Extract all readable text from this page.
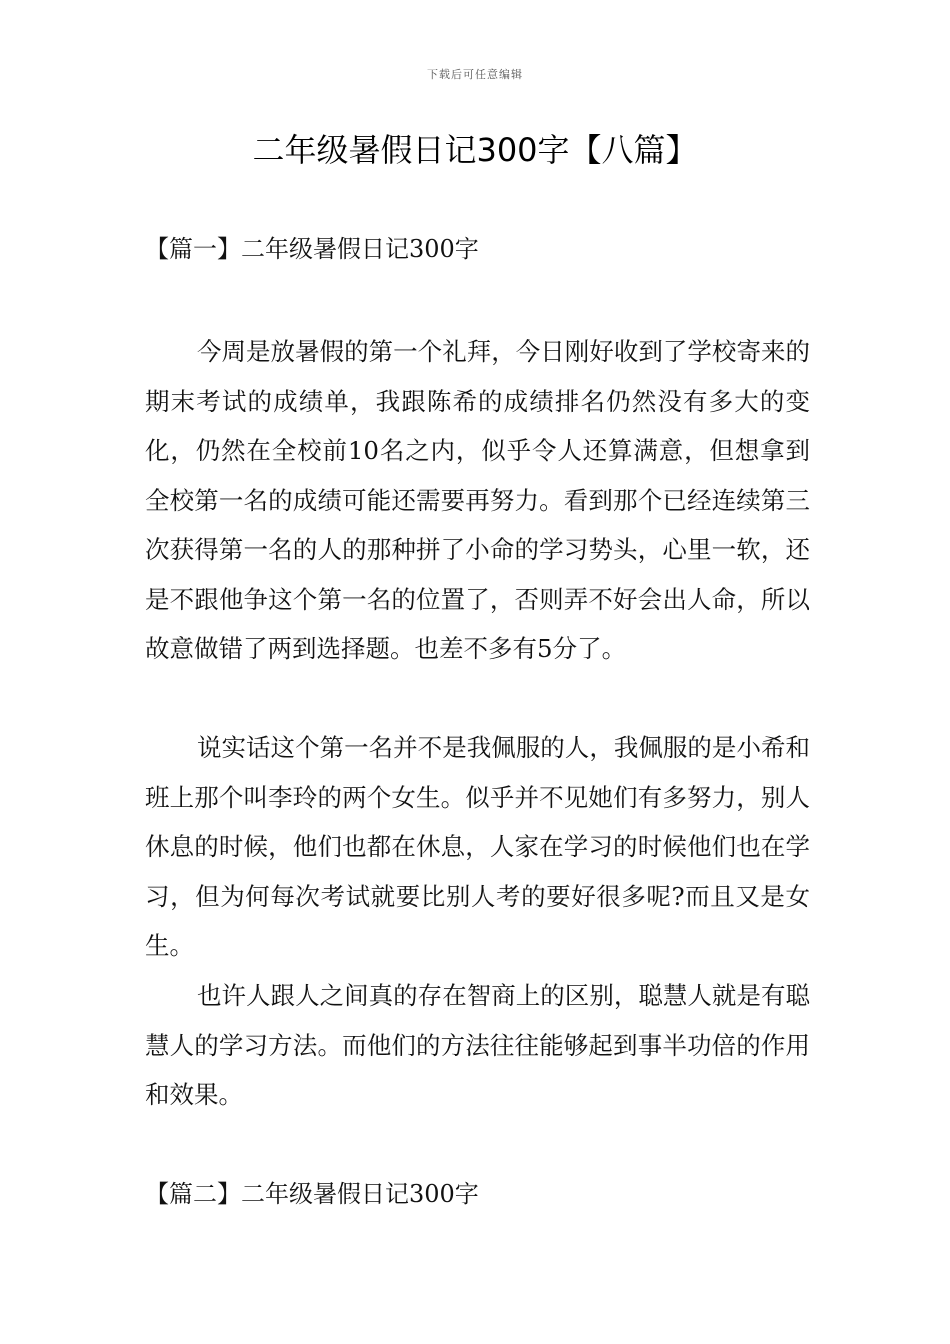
下载后可任意编辑
二年级暑假日记300字【八篇】
【篇一】二年级暑假日记300字

今周是放暑假的第一个礼拜，今日刚好收到了学校寄来的期末考试的成绩单，我跟陈希的成绩排名仍然没有多大的变化，仍然在全校前10名之内，似乎令人还算满意，但想拿到全校第一名的成绩可能还需要再努力。看到那个已经连续第三次获得第一名的人的那种拼了小命的学习势头，心里一软，还是不跟他争这个第一名的位置了，否则弄不好会出人命，所以故意做错了两到选择题。也差不多有5分了。

说实话这个第一名并不是我佩服的人，我佩服的是小希和班上那个叫李玲的两个女生。似乎并不见她们有多努力，别人休息的时候，他们也都在休息，人家在学习的时候他们也在学习，但为何每次考试就要比别人考的要好很多呢?而且又是女生。

也许人跟人之间真的存在智商上的区别，聪慧人就是有聪慧人的学习方法。而他们的方法往往能够起到事半功倍的作用和效果。

【篇二】二年级暑假日记300字
